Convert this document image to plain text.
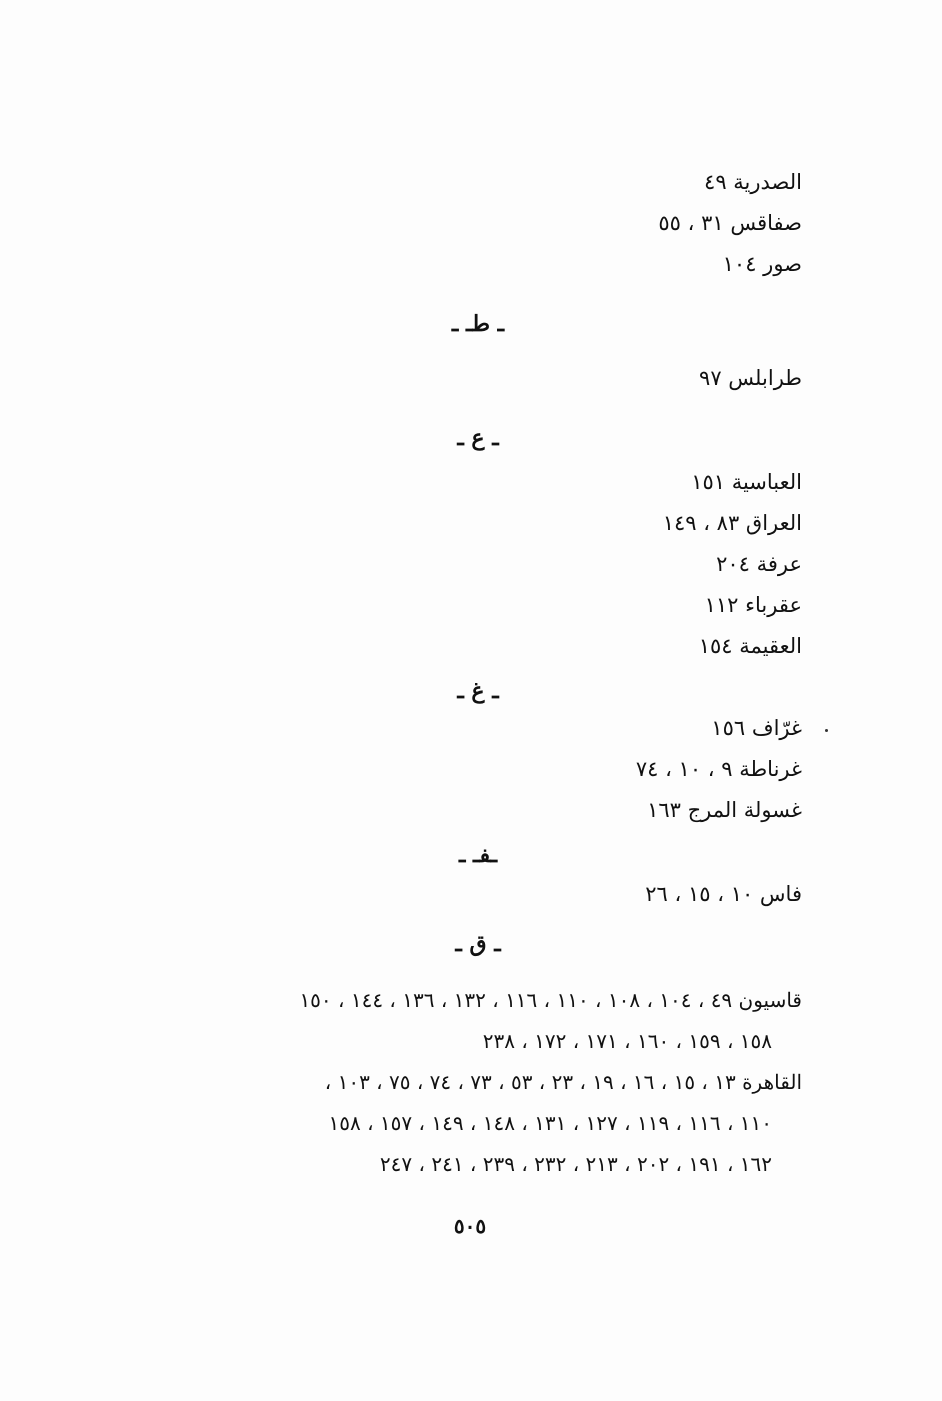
الصدرية ٤٩
صفاقس ٣١ ، ٥٥
صور ١٠٤
ـ طـ ـ
طرابلس ٩٧
ـ ع ـ
العباسية ١٥١
العراق ٨٣ ، ١٤٩
عرفة ٢٠٤
عقرباء ١١٢
العقيمة ١٥٤
ـ غ ـ
غرّاف ١٥٦
غرناطة ٩ ، ١٠ ، ٧٤
غسولة المرج ١٦٣
ـفـ ـ
فاس ١٠ ، ١٥ ، ٢٦
ـ ق ـ
قاسيون ٤٩ ، ١٠٤ ، ١٠٨ ، ١١٠ ، ١١٦ ، ١٣٢ ، ١٣٦ ، ١٤٤ ، ١٥٠
١٥٨ ، ١٥٩ ، ١٦٠ ، ١٧١ ، ١٧٢ ، ٢٣٨
القاهرة ١٣ ، ١٥ ، ١٦ ، ١٩ ، ٢٣ ، ٥٣ ، ٧٣ ، ٧٤ ، ٧٥ ، ١٠٣ ،
١١٠ ، ١١٦ ، ١١٩ ، ١٢٧ ، ١٣١ ، ١٤٨ ، ١٤٩ ، ١٥٧ ، ١٥٨
١٦٢ ، ١٩١ ، ٢٠٢ ، ٢١٣ ، ٢٣٢ ، ٢٣٩ ، ٢٤١ ، ٢٤٧
٥٠٥
